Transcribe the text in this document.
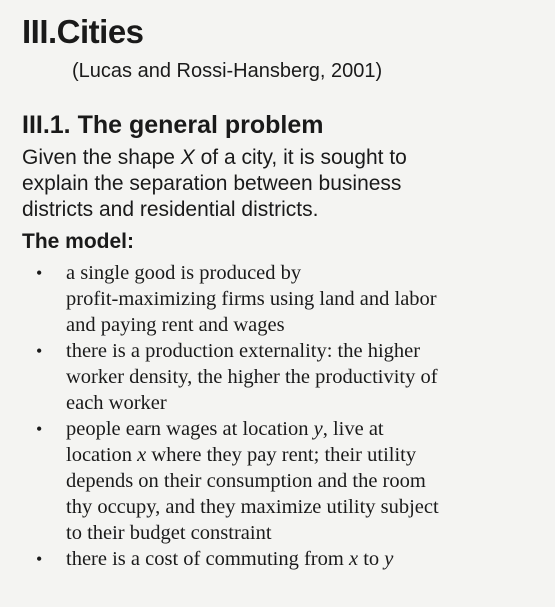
III.Cities

(Lucas and Rossi-Hansberg, 2001)

III.1. The general problem
Given the shape X of a city, it is sought to
explain the separation between business
districts and residential districts.
The model:
• a single good is produced by
profit-maximizing firms using land and labor
and paying rent and wages
• there is a production externality: the higher
worker density, the higher the productivity of
each worker
• people earn wages at location y, live at
location x where they pay rent; their utility
depends on their consumption and the room
thy occupy, and they maximize utility subject
to their budget constraint
• there is a cost of commuting from x to y
